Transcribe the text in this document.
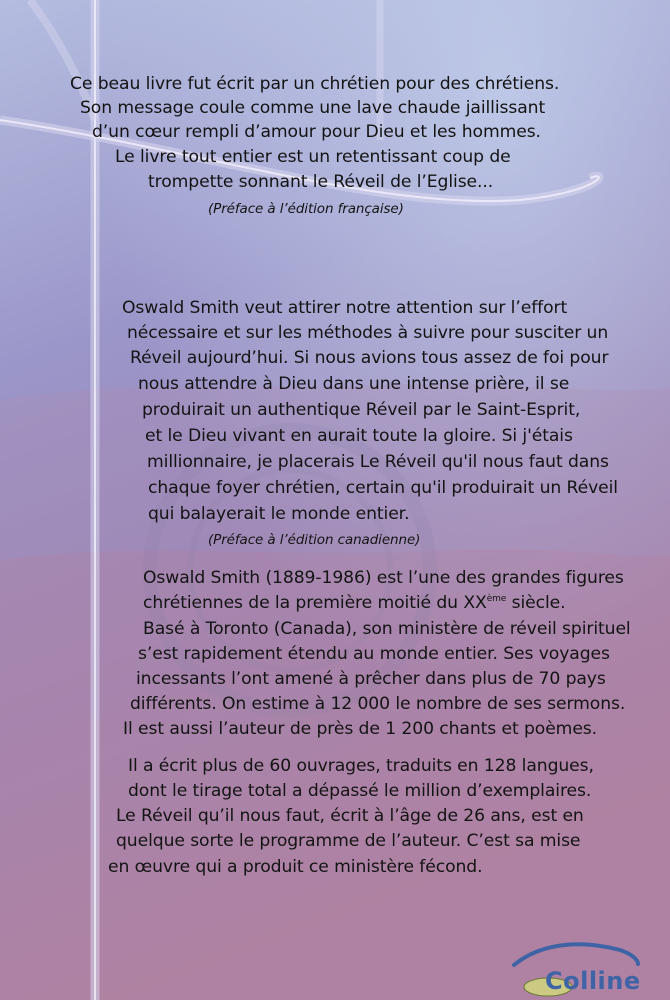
Ce beau livre fut écrit par un chrétien pour des chrétiens.
Son message coule comme une lave chaude jaillissant
d’un cœur rempli d’amour pour Dieu et les hommes.
Le livre tout entier est un retentissant coup de
trompette sonnant le Réveil de l’Eglise...
(Préface à l’édition française)
Oswald Smith veut attirer notre attention sur l’effort
nécessaire et sur les méthodes à suivre pour susciter un
Réveil aujourd’hui. Si nous avions tous assez de foi pour
nous attendre à Dieu dans une intense prière, il se
produirait un authentique Réveil par le Saint-Esprit,
et le Dieu vivant en aurait toute la gloire. Si j'étais
millionnaire, je placerais Le Réveil qu'il nous faut dans
chaque foyer chrétien, certain qu'il produirait un Réveil
qui balayerait le monde entier.
(Préface à l’édition canadienne)
Oswald Smith (1889-1986) est l’une des grandes figures
chrétiennes de la première moitié du XXème siècle.
Basé à Toronto (Canada), son ministère de réveil spirituel
s’est rapidement étendu au monde entier. Ses voyages
incessants l’ont amené à prêcher dans plus de 70 pays
différents. On estime à 12 000 le nombre de ses sermons.
Il est aussi l’auteur de près de 1 200 chants et poèmes.
Il a écrit plus de 60 ouvrages, traduits en 128 langues,
dont le tirage total a dépassé le million d’exemplaires.
Le Réveil qu’il nous faut, écrit à l’âge de 26 ans, est en
quelque sorte le programme de l’auteur. C’est sa mise
en œuvre qui a produit ce ministère fécond.
Colline
